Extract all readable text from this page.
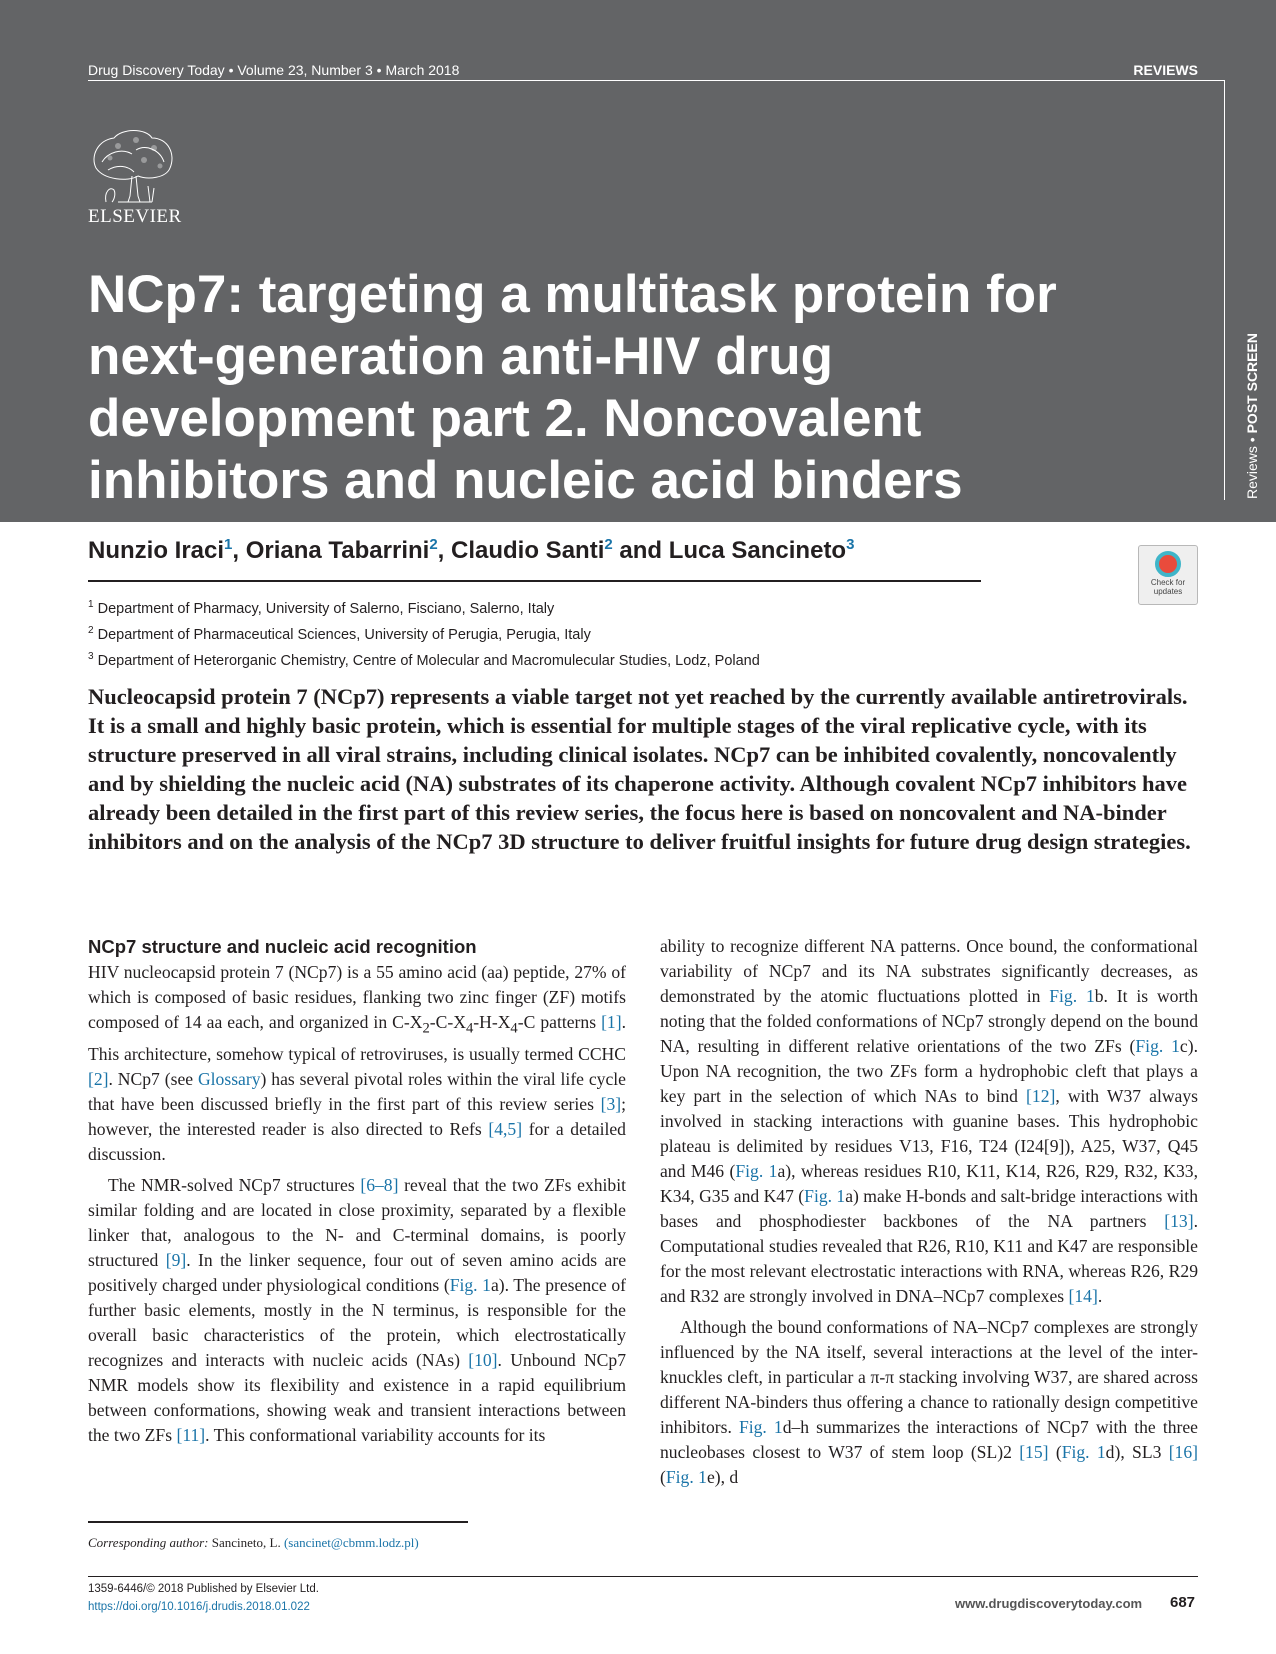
Drug Discovery Today • Volume 23, Number 3 • March 2018	REVIEWS
ELSEVIER
NCp7: targeting a multitask protein for next-generation anti-HIV drug development part 2. Noncovalent inhibitors and nucleic acid binders	Reviews • POST SCREEN
Nunzio Iraci$^1$, Oriana Tabarrini$^2$, Claudio Santi$^2$ and Luca Sancineto$^3$
Check for updates
$^1$ Department of Pharmacy, University of Salerno, Fisciano, Salerno, Italy
$^2$ Department of Pharmaceutical Sciences, University of Perugia, Perugia, Italy
$^3$ Department of Heterorganic Chemistry, Centre of Molecular and Macromulecular Studies, Lodz, Poland

Nucleocapsid protein 7 (NCp7) represents a viable target not yet reached by the currently available antiretrovirals. It is a small and highly basic protein, which is essential for multiple stages of the viral replicative cycle, with its structure preserved in all viral strains, including clinical isolates. NCp7 can be inhibited covalently, noncovalently and by shielding the nucleic acid (NA) substrates of its chaperone activity. Although covalent NCp7 inhibitors have already been detailed in the first part of this review series, the focus here is based on noncovalent and NA-binder inhibitors and on the analysis of the NCp7 3D structure to deliver fruitful insights for future drug design strategies.

NCp7 structure and nucleic acid recognition

HIV nucleocapsid protein 7 (NCp7) is a 55 amino acid (aa) peptide, 27% of which is composed of basic residues, flanking two zinc finger (ZF) motifs composed of 14 aa each, and organized in $C-X_2-C-X_4-H-X_4-C$ patterns [1]. This architecture, somehow typical of retroviruses, is usually termed CCHC [2]. NCp7 (see Glossary) has several pivotal roles within the viral life cycle that have been discussed briefly in the first part of this review series [3]; however, the interested reader is also directed to Refs [4,5] for a detailed discussion.

The NMR-solved NCp7 structures [6–8] reveal that the two ZFs exhibit similar folding and are located in close proximity, separated by a flexible linker that, analogous to the N- and C-terminal domains, is poorly structured [9]. In the linker sequence, four out of seven amino acids are positively charged under physiological conditions (Fig. 1a). The presence of further basic elements, mostly in the N terminus, is responsible for the overall basic characteristics of the protein, which electrostatically recognizes and interacts with nucleic acids (NAs) [10]. Unbound NCp7 NMR models show its flexibility and existence in a rapid equilibrium between conformations, showing weak and transient interactions between the two ZFs [11]. This conformational variability accounts for its

ability to recognize different NA patterns. Once bound, the conformational variability of NCp7 and its NA substrates significantly decreases, as demonstrated by the atomic fluctuations plotted in Fig. 1b. It is worth noting that the folded conformations of NCp7 strongly depend on the bound NA, resulting in different relative orientations of the two ZFs (Fig. 1c). Upon NA recognition, the two ZFs form a hydrophobic cleft that plays a key part in the selection of which NAs to bind [12], with W37 always involved in stacking interactions with guanine bases. This hydrophobic plateau is delimited by residues V13, F16, T24 (I24[9]), A25, W37, Q45 and M46 (Fig. 1a), whereas residues R10, K11, K14, R26, R29, R32, K33, K34, G35 and K47 (Fig. 1a) make H-bonds and salt-bridge interactions with bases and phosphodiester backbones of the NA partners [13]. Computational studies revealed that R26, R10, K11 and K47 are responsible for the most relevant electrostatic interactions with RNA, whereas R26, R29 and R32 are strongly involved in DNA–NCp7 complexes [14].

Although the bound conformations of NA–NCp7 complexes are strongly influenced by the NA itself, several interactions at the level of the inter-knuckles cleft, in particular a π-π stacking involving W37, are shared across different NA-binders thus offering a chance to rationally design competitive inhibitors. Fig. 1d–h summarizes the interactions of NCp7 with the three nucleobases closest to W37 of stem loop (SL)2 [15] (Fig. 1d), SL3 [16] (Fig. 1e), d

Corresponding author: Sancineto, L. (sancinet@cbmm.lodz.pl)
1359-6446/© 2018 Published by Elsevier Ltd.
https://doi.org/10.1016/j.drudis.2018.01.022	www.drugdiscoverytoday.com 687
